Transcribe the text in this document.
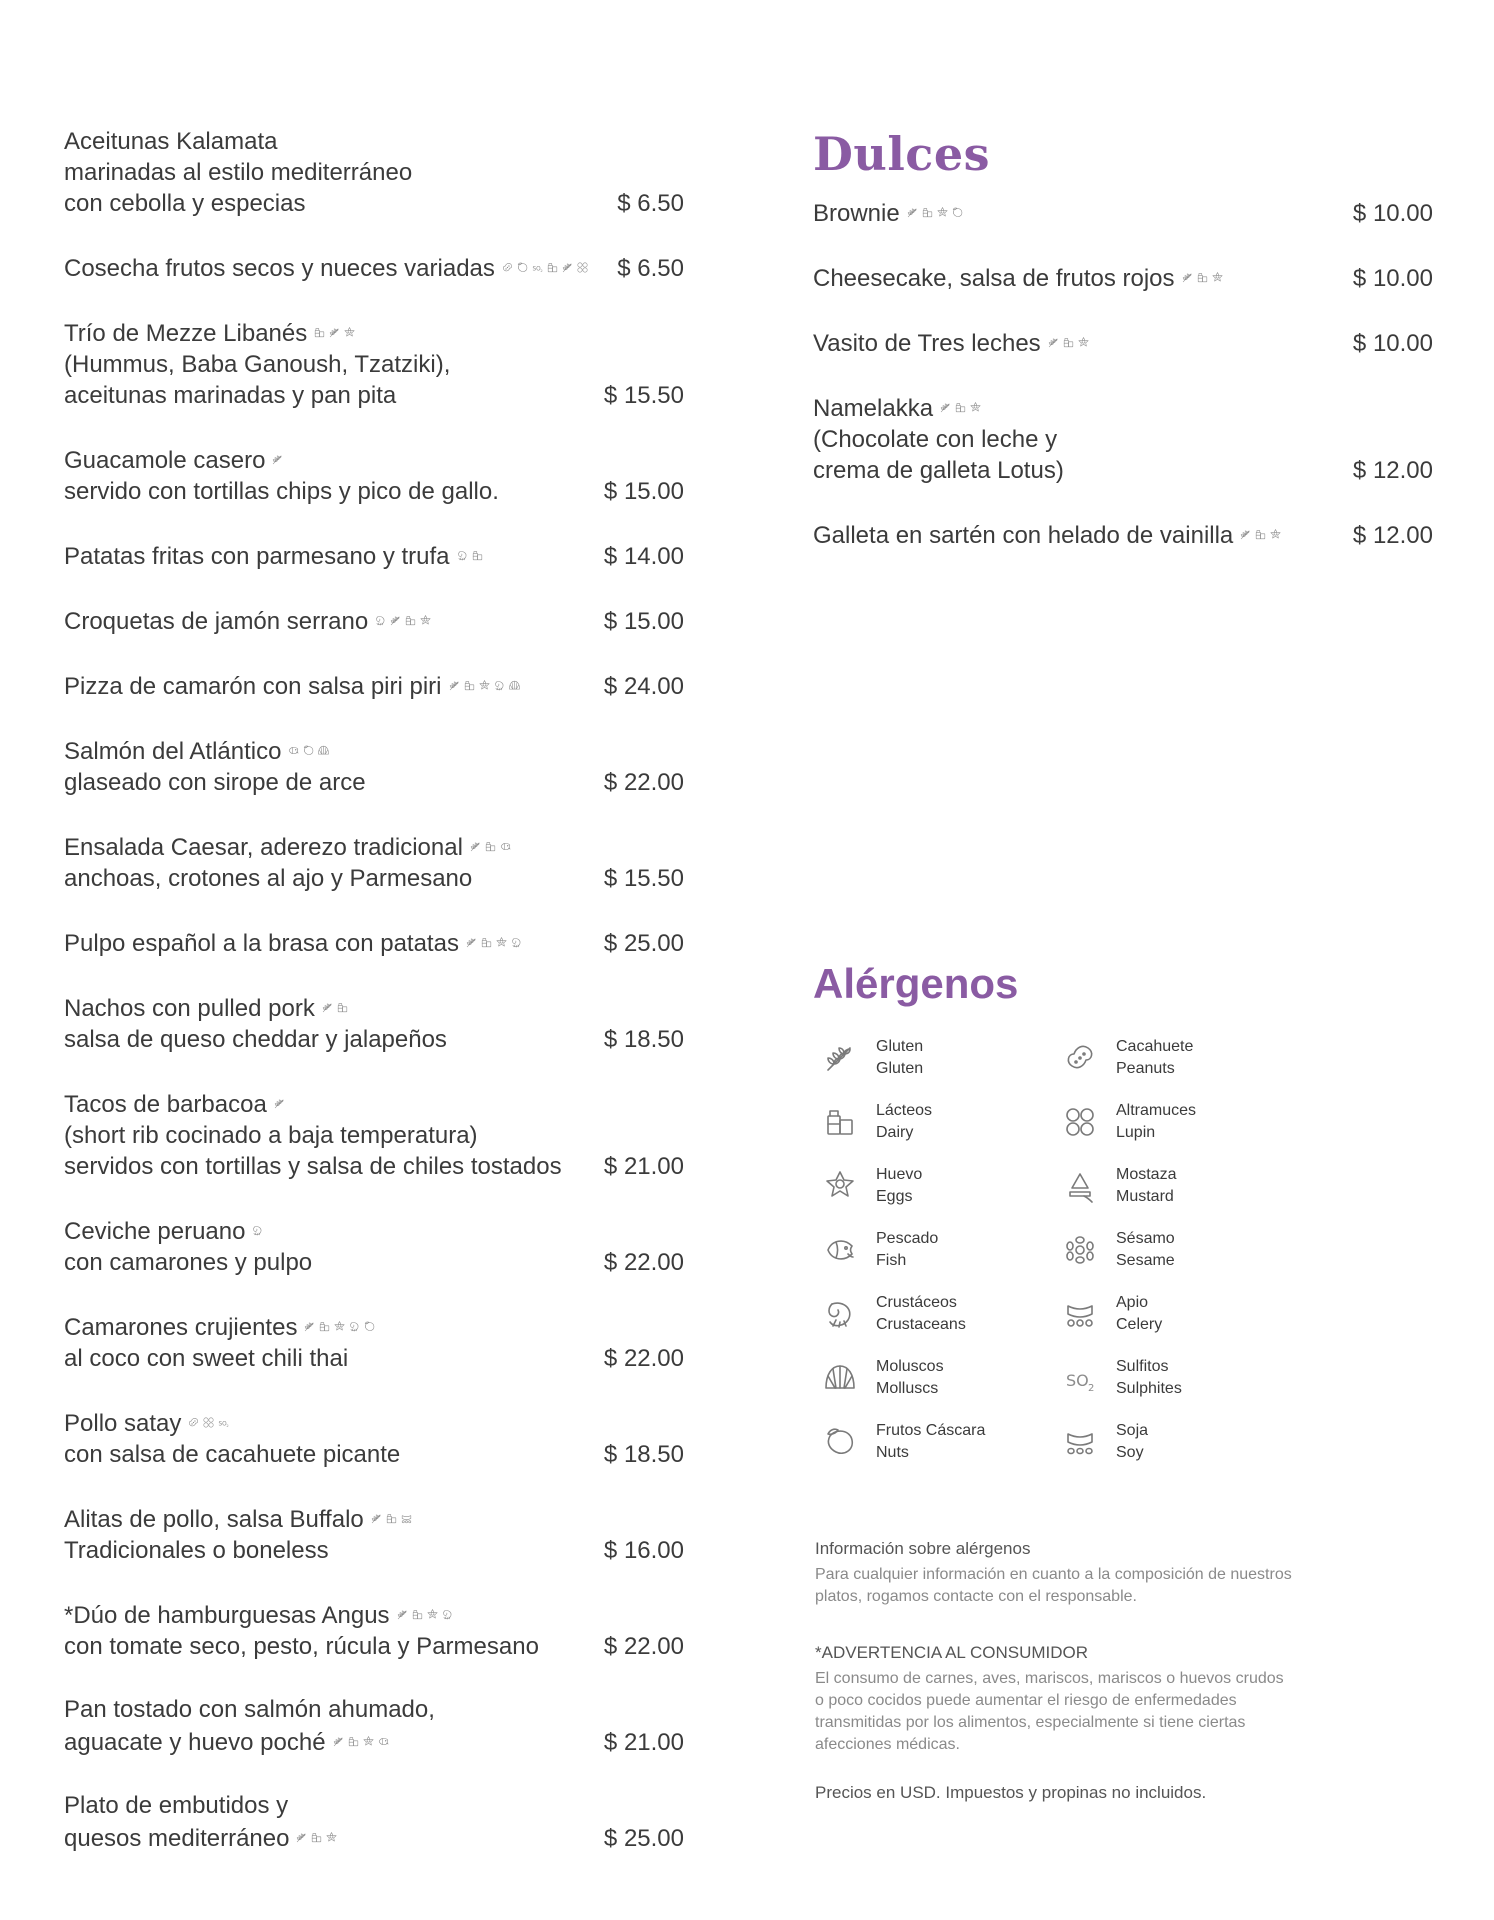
Aceitunas Kalamata
marinadas al estilo mediterráneo
con cebolla y especias	$ 6.50
Cosecha frutos secos y nueces variadas SO 2	$ 6.50
Trío de Mezze Libanés
(Hummus, Baba Ganoush, Tzatziki),
aceitunas marinadas y pan pita	$ 15.50
Guacamole casero
servido con tortillas chips y pico de gallo.	$ 15.00
Patatas fritas con parmesano y trufa	$ 14.00
Croquetas de jamón serrano	$ 15.00
Pizza de camarón con salsa piri piri	$ 24.00
Salmón del Atlántico
glaseado con sirope de arce	$ 22.00
Ensalada Caesar, aderezo tradicional
anchoas, crotones al ajo y Parmesano	$ 15.50
Pulpo español a la brasa con patatas	$ 25.00
Nachos con pulled pork
salsa de queso cheddar y jalapeños	$ 18.50
Tacos de barbacoa
(short rib cocinado a baja temperatura)
servidos con tortillas y salsa de chiles tostados	$ 21.00
Ceviche peruano
con camarones y pulpo	$ 22.00
Camarones crujientes
al coco con sweet chili thai	$ 22.00
Pollo satay SO 2
con salsa de cacahuete picante	$ 18.50
Alitas de pollo, salsa Buffalo
Tradicionales o boneless	$ 16.00
*Dúo de hamburguesas Angus
con tomate seco, pesto, rúcula y Parmesano	$ 22.00
Pan tostado con salmón ahumado,
aguacate y huevo poché	$ 21.00
Plato de embutidos y
quesos mediterráneo	$ 25.00
Dulces
Brownie	$ 10.00
Cheesecake, salsa de frutos rojos	$ 10.00
Vasito de Tres leches	$ 10.00
Namelakka
(Chocolate con leche y
crema de galleta Lotus)	$ 12.00
Galleta en sartén con helado de vainilla	$ 12.00
Alérgenos
Gluten
Gluten
Cacahuete
Peanuts
Lácteos
Dairy
Altramuces
Lupin
Huevo
Eggs
Mostaza
Mustard
Pescado
Fish
Sésamo
Sesame
Crustáceos
Crustaceans
Apio
Celery
Moluscos
Molluscs	SO 2
Sulfitos
Sulphites
Frutos Cáscara
Nuts
Soja
Soy
Información sobre alérgenos
Para cualquier información en cuanto a la composición de nuestros platos, rogamos contacte con el responsable.
*ADVERTENCIA AL CONSUMIDOR
El consumo de carnes, aves, mariscos, mariscos o huevos crudos o poco cocidos puede aumentar el riesgo de enfermedades transmitidas por los alimentos, especialmente si tiene ciertas afecciones médicas.
Precios en USD. Impuestos y propinas no incluidos.
